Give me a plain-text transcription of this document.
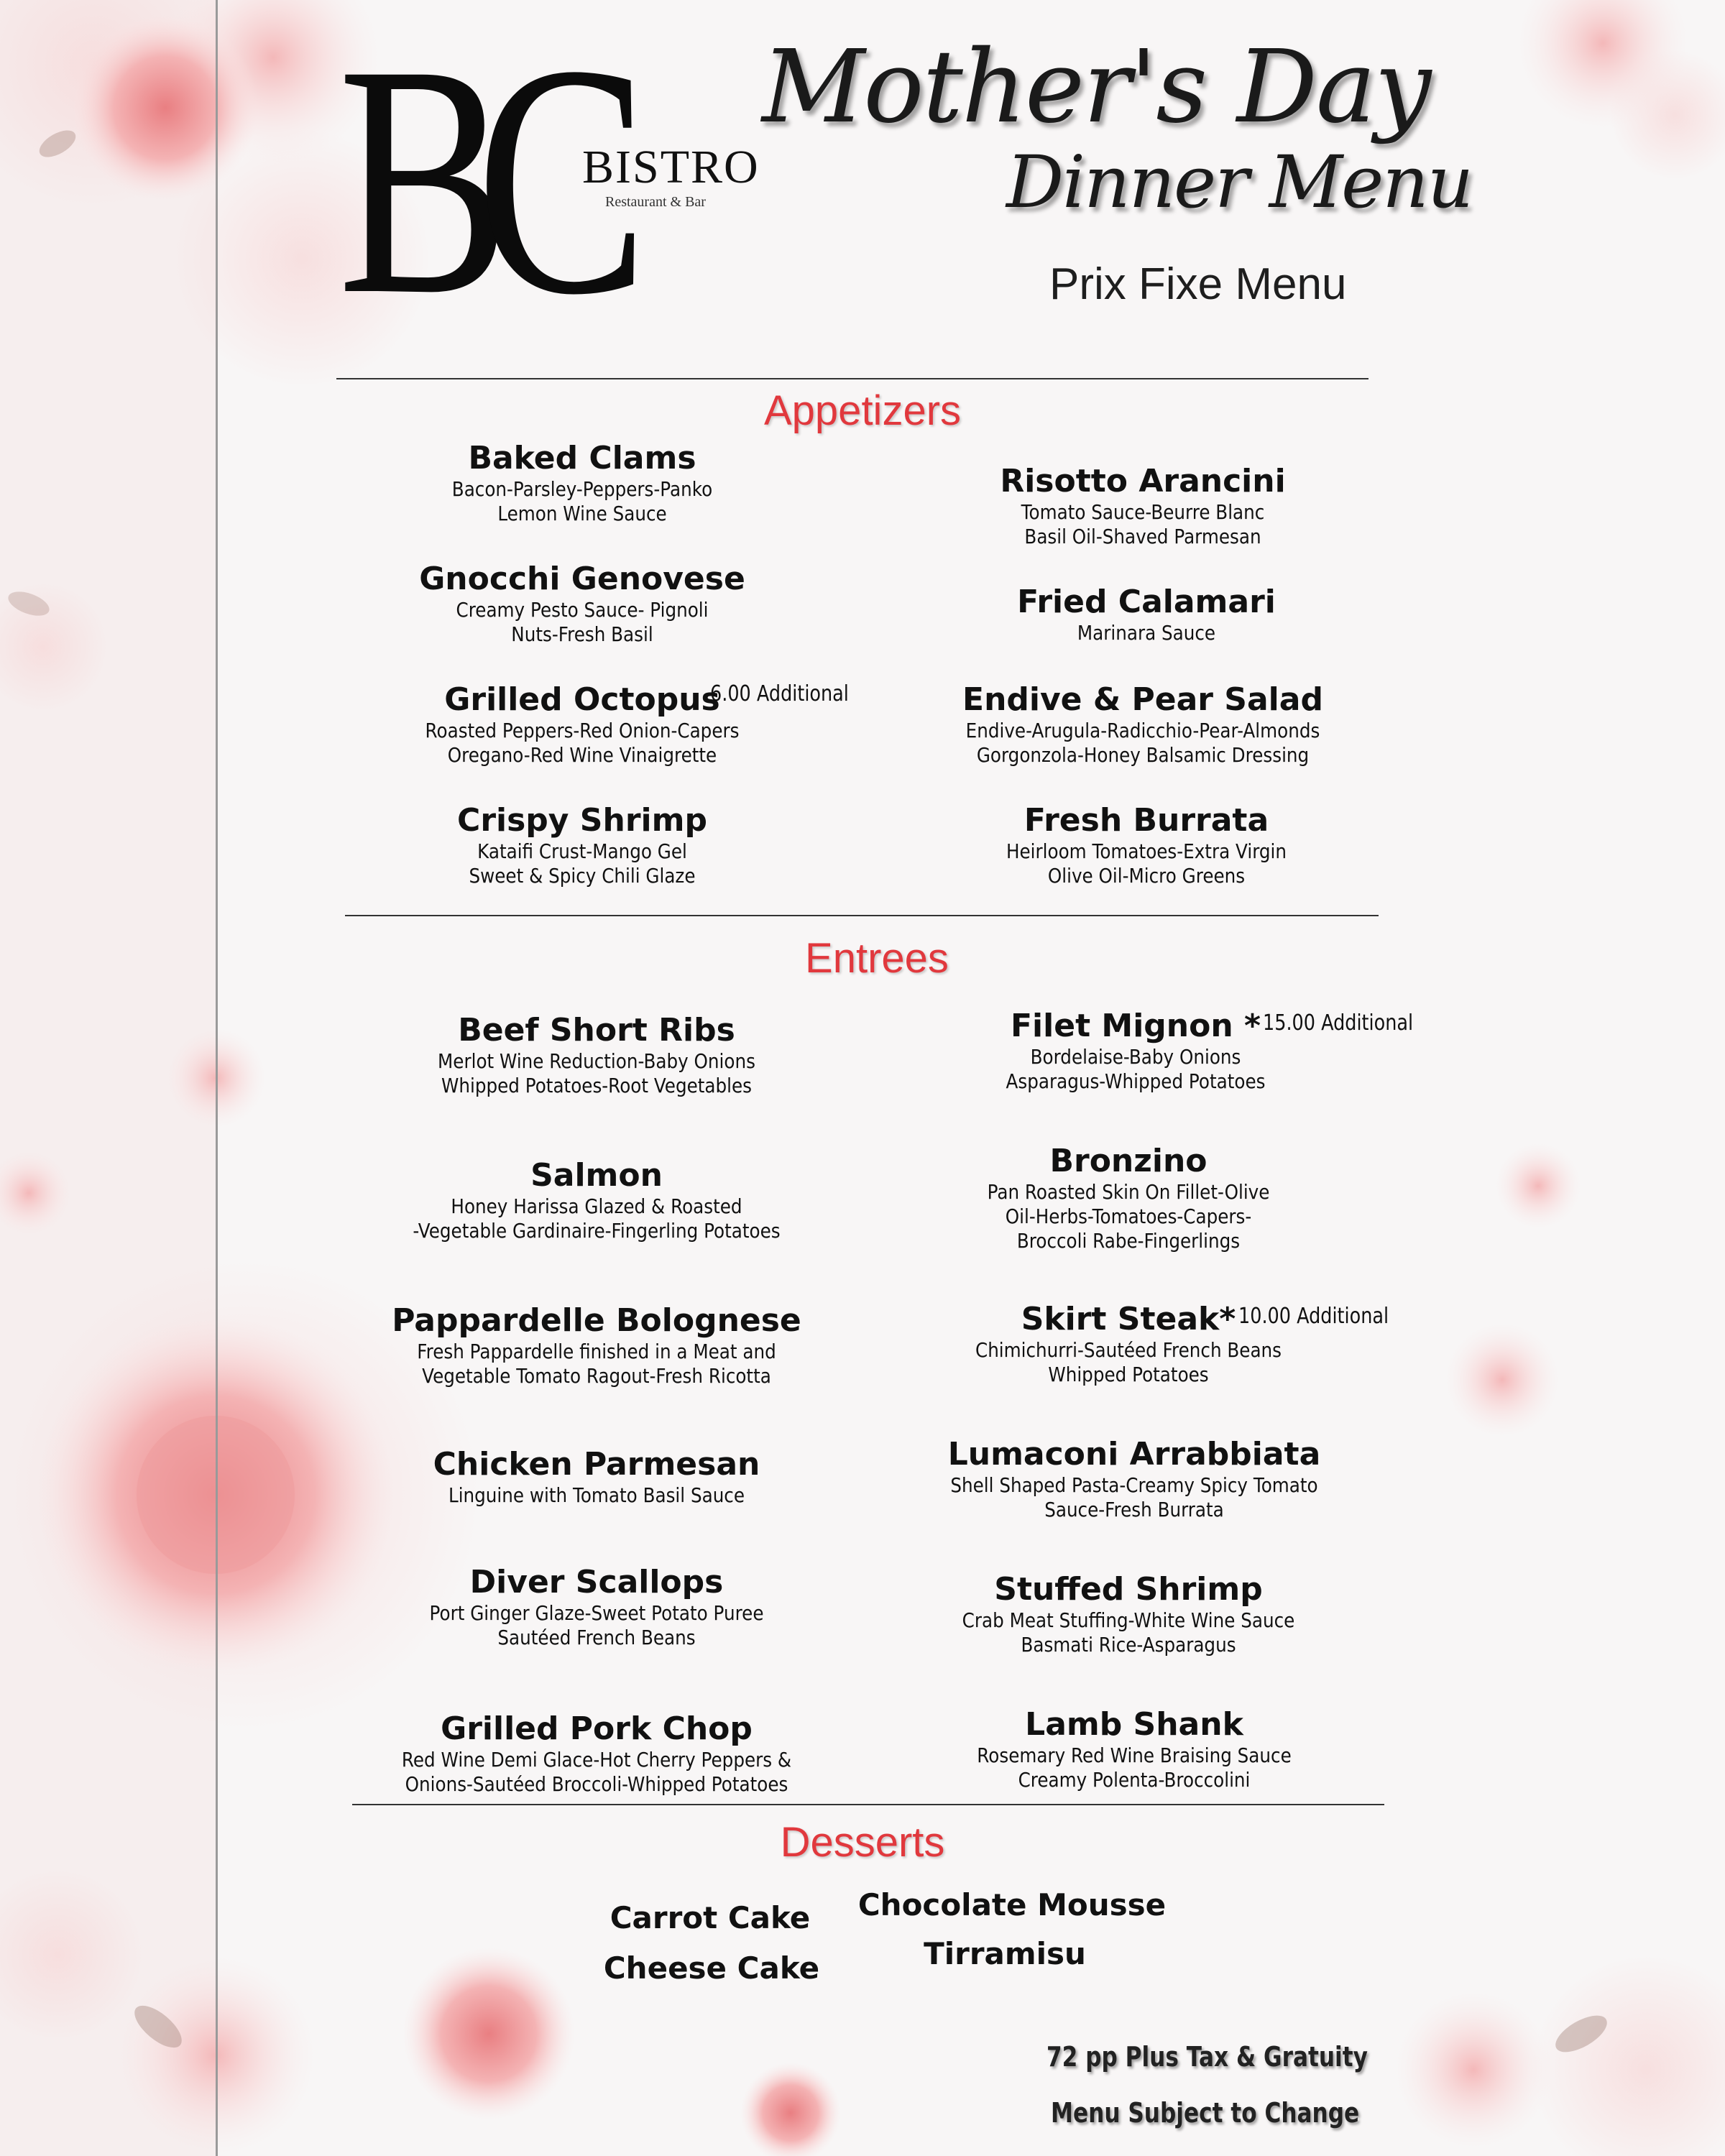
BC
BISTRO
Restaurant & Bar
Mother's Day
Dinner Menu
Prix Fixe Menu
Appetizers
Baked Clams
Bacon-Parsley-Peppers-Panko
Lemon Wine Sauce
Gnocchi Genovese
Creamy Pesto Sauce- Pignoli
Nuts-Fresh Basil
Grilled Octopus
Roasted Peppers-Red Onion-Capers
Oregano-Red Wine Vinaigrette
6.00 Additional
Crispy Shrimp
Kataifi Crust-Mango Gel
Sweet & Spicy Chili Glaze
Risotto Arancini
Tomato Sauce-Beurre Blanc
Basil Oil-Shaved Parmesan
Fried Calamari
Marinara Sauce
Endive & Pear Salad
Endive-Arugula-Radicchio-Pear-Almonds
Gorgonzola-Honey Balsamic Dressing
Fresh Burrata
Heirloom Tomatoes-Extra Virgin
Olive Oil-Micro Greens
Entrees
Beef Short Ribs
Merlot Wine Reduction-Baby Onions
Whipped Potatoes-Root Vegetables
Salmon
Honey Harissa Glazed & Roasted
-Vegetable Gardinaire-Fingerling Potatoes
Pappardelle Bolognese
Fresh Pappardelle finished in a Meat and
Vegetable Tomato Ragout-Fresh Ricotta
Chicken Parmesan
Linguine with Tomato Basil Sauce
Diver Scallops
Port Ginger Glaze-Sweet Potato Puree
Sautéed French Beans
Grilled Pork Chop
Red Wine Demi Glace-Hot Cherry Peppers &
Onions-Sautéed Broccoli-Whipped Potatoes
Filet Mignon *
Bordelaise-Baby Onions
Asparagus-Whipped Potatoes
15.00 Additional
Bronzino
Pan Roasted Skin On Fillet-Olive
Oil-Herbs-Tomatoes-Capers-
Broccoli Rabe-Fingerlings
Skirt Steak*
Chimichurri-Sautéed French Beans
Whipped Potatoes
10.00 Additional
Lumaconi Arrabbiata
Shell Shaped Pasta-Creamy Spicy Tomato
Sauce-Fresh Burrata
Stuffed Shrimp
Crab Meat Stuffing-White Wine Sauce
Basmati Rice-Asparagus
Lamb Shank
Rosemary Red Wine Braising Sauce
Creamy Polenta-Broccolini
Desserts
Carrot Cake
Cheese Cake
Chocolate Mousse
Tirramisu
72 pp Plus Tax & Gratuity
Menu Subject to Change
